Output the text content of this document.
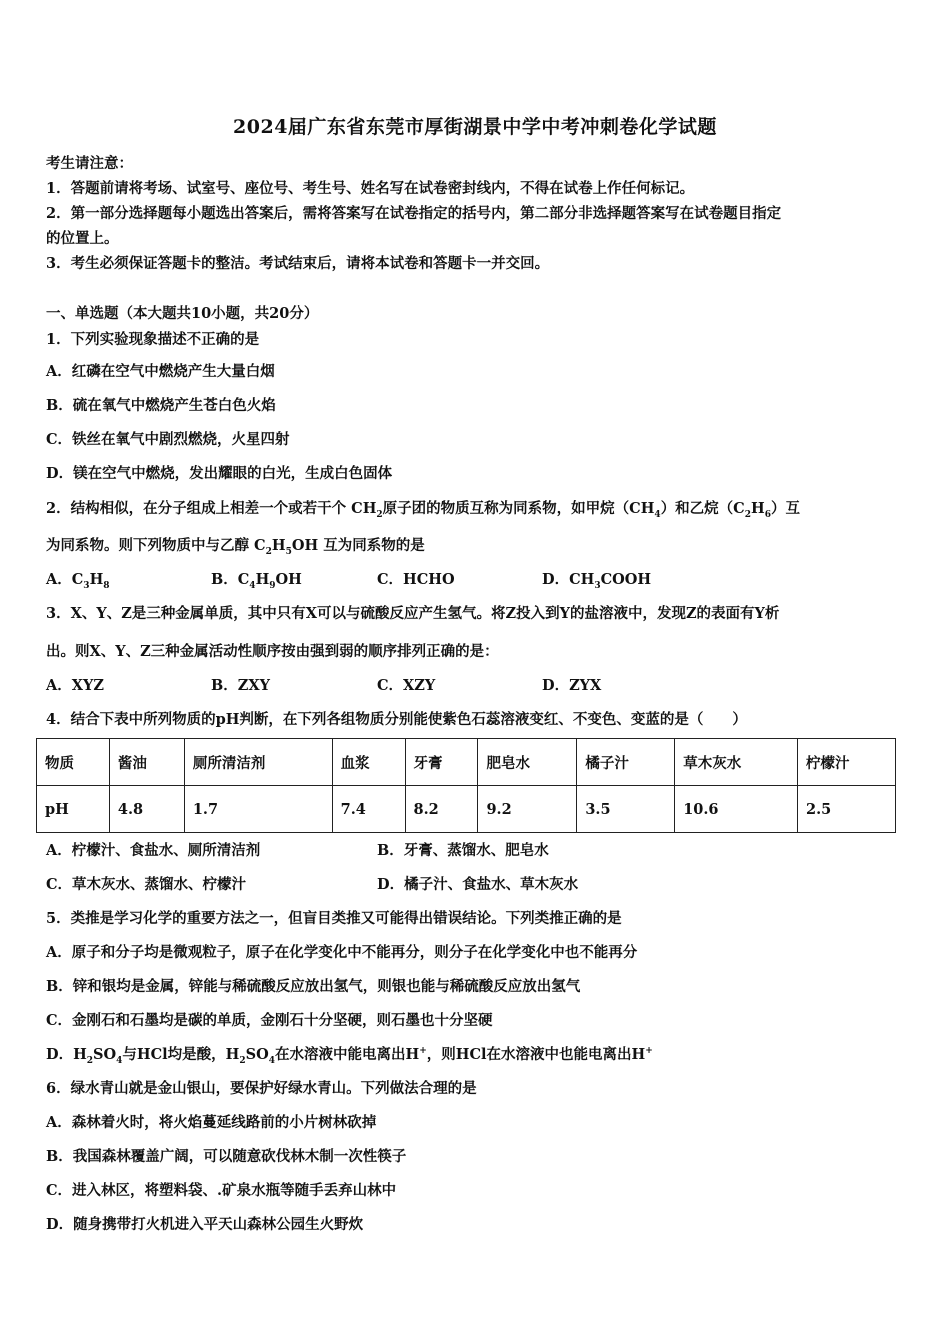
2024届广东省东莞市厚街湖景中学中考冲刺卷化学试题
考生请注意：
1．答题前请将考场、试室号、座位号、考生号、姓名写在试卷密封线内，不得在试卷上作任何标记。
2．第一部分选择题每小题选出答案后，需将答案写在试卷指定的括号内，第二部分非选择题答案写在试卷题目指定
的位置上。
3．考生必须保证答题卡的整洁。考试结束后，请将本试卷和答题卡一并交回。
一、单选题（本大题共10小题，共20分）
1．下列实验现象描述不正确的是
A．红磷在空气中燃烧产生大量白烟
B．硫在氧气中燃烧产生苍白色火焰
C．铁丝在氧气中剧烈燃烧，火星四射
D．镁在空气中燃烧，发出耀眼的白光，生成白色固体
2．结构相似，在分子组成上相差一个或若干个 $CH_2$原子团的物质互称为同系物，如甲烷$(CH_4)$和乙烷$(C_2H_6)$互
为同系物。则下列物质中与乙醇 $C_2H_5OH$ 互为同系物的是
A．$C_3H_8$	B．$C_4H_9OH$	C．HCHO	D．$CH_3COOH$
3．X、Y、Z是三种金属单质，其中只有X可以与硫酸反应产生氢气。将Z投入到Y的盐溶液中，发现Z的表面有Y析
出。则X、Y、Z三种金属活动性顺序按由强到弱的顺序排列正确的是：
A．XYZ	B．ZXY	C．XZY	D．ZYX
4．结合下表中所列物质的pH判断，在下列各组物质分别能使紫色石蕊溶液变红、不变色、变蓝的是（　　）
物质	酱油	厕所清洁剂	血浆	牙膏	肥皂水	橘子汁	草木灰水	柠檬汁
pH	4.8	1.7	7.4	8.2	9.2	3.5	10.6	2.5
A．柠檬汁、食盐水、厕所清洁剂	B．牙膏、蒸馏水、肥皂水
C．草木灰水、蒸馏水、柠檬汁	D．橘子汁、食盐水、草木灰水
5．类推是学习化学的重要方法之一，但盲目类推又可能得出错误结论。下列类推正确的是
A．原子和分子均是微观粒子，原子在化学变化中不能再分，则分子在化学变化中也不能再分
B．锌和银均是金属，锌能与稀硫酸反应放出氢气，则银也能与稀硫酸反应放出氢气
C．金刚石和石墨均是碳的单质，金刚石十分坚硬，则石墨也十分坚硬
D．$H_2SO_4$与HCl均是酸，$H_2SO_4$在水溶液中能电离出H+，则HCl在水溶液中也能电离出H+
6．绿水青山就是金山银山，要保护好绿水青山。下列做法合理的是
A．森林着火时，将火焰蔓延线路前的小片树林砍掉
B．我国森林覆盖广阔，可以随意砍伐林木制一次性筷子
C．进入林区，将塑料袋、.矿泉水瓶等随手丢弃山林中
D．随身携带打火机进入平天山森林公园生火野炊
